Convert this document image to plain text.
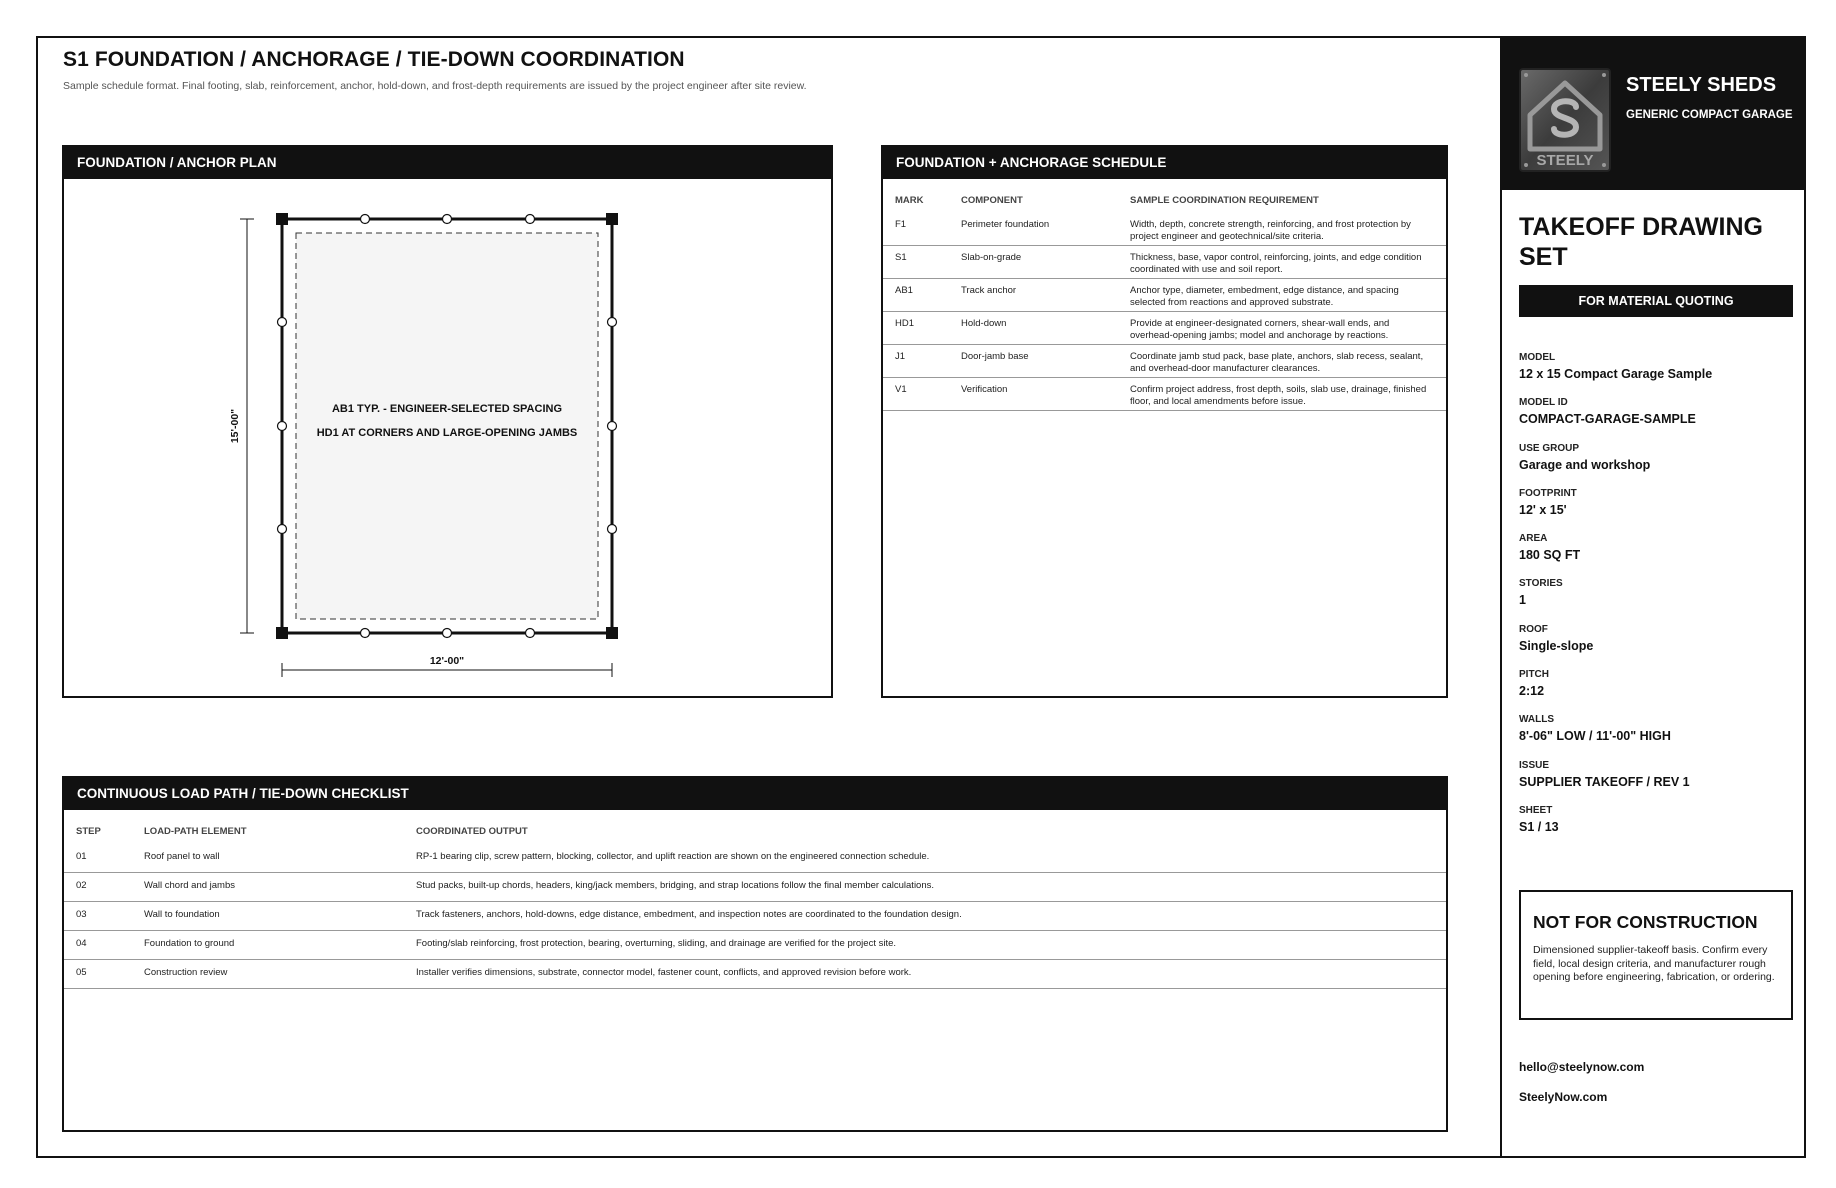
S1 FOUNDATION / ANCHORAGE / TIE-DOWN COORDINATION
Sample schedule format. Final footing, slab, reinforcement, anchor, hold-down, and frost-depth requirements are issued by the project engineer after site review.
FOUNDATION / ANCHOR PLAN
AB1 TYP. - ENGINEER-SELECTED SPACING
HD1 AT CORNERS AND LARGE-OPENING JAMBS
15'-00"
12'-00"
FOUNDATION + ANCHORAGE SCHEDULE
MARK	COMPONENT	SAMPLE COORDINATION REQUIREMENT
F1	Perimeter foundation	Width, depth, concrete strength, reinforcing, and frost protection by project engineer and geotechnical/site criteria.
S1	Slab-on-grade	Thickness, base, vapor control, reinforcing, joints, and edge condition coordinated with use and soil report.
AB1	Track anchor	Anchor type, diameter, embedment, edge distance, and spacing selected from reactions and approved substrate.
HD1	Hold-down	Provide at engineer-designated corners, shear-wall ends, and overhead-opening jambs; model and anchorage by reactions.
J1	Door-jamb base	Coordinate jamb stud pack, base plate, anchors, slab recess, sealant, and overhead-door manufacturer clearances.
V1	Verification	Confirm project address, frost depth, soils, slab use, drainage, finished floor, and local amendments before issue.
CONTINUOUS LOAD PATH / TIE-DOWN CHECKLIST
STEP	LOAD-PATH ELEMENT	COORDINATED OUTPUT
01	Roof panel to wall	RP-1 bearing clip, screw pattern, blocking, collector, and uplift reaction are shown on the engineered connection schedule.
02	Wall chord and jambs	Stud packs, built-up chords, headers, king/jack members, bridging, and strap locations follow the final member calculations.
03	Wall to foundation	Track fasteners, anchors, hold-downs, edge distance, embedment, and inspection notes are coordinated to the foundation design.
04	Foundation to ground	Footing/slab reinforcing, frost protection, bearing, overturning, sliding, and drainage are verified for the project site.
05	Construction review	Installer verifies dimensions, substrate, connector model, fastener count, conflicts, and approved revision before work.
STEELY
STEELY SHEDS
GENERIC COMPACT GARAGE
TAKEOFF DRAWING SET
FOR MATERIAL QUOTING
MODEL
12 x 15 Compact Garage Sample
MODEL ID
COMPACT-GARAGE-SAMPLE
USE GROUP
Garage and workshop
FOOTPRINT
12' x 15'
AREA
180 SQ FT
STORIES
1
ROOF
Single-slope
PITCH
2:12
WALLS
8'-06" LOW / 11'-00" HIGH
ISSUE
SUPPLIER TAKEOFF / REV 1
SHEET
S1 / 13
NOT FOR CONSTRUCTION
Dimensioned supplier-takeoff basis. Confirm every field, local design criteria, and manufacturer rough opening before engineering, fabrication, or ordering.
hello@steelynow.com
SteelyNow.com
